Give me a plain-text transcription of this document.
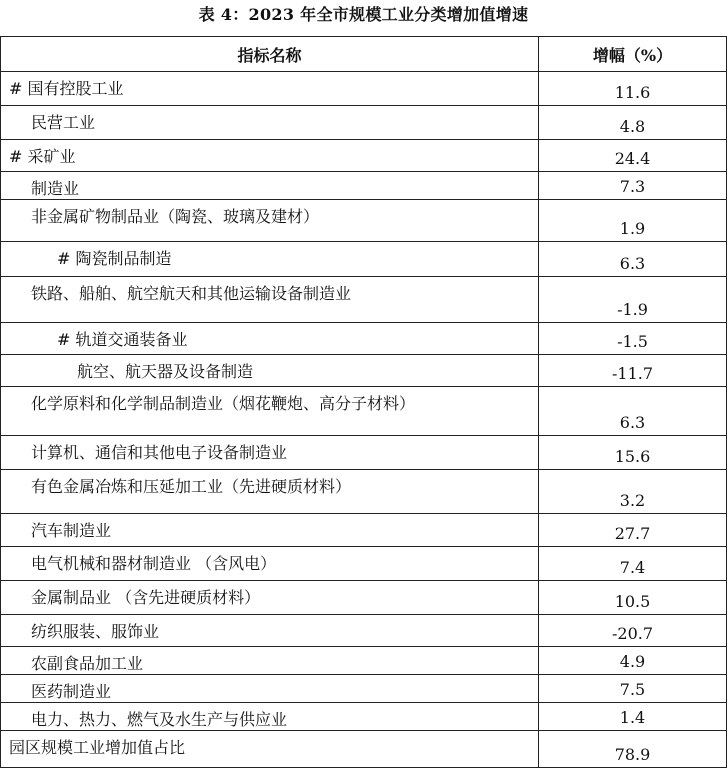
表 4：2023 年全市规模工业分类增加值增速
指标名称	增幅（%）
# 国有控股工业	11.6
民营工业	4.8
# 采矿业	24.4
制造业	7.3
非金属矿物制品业（陶瓷、玻璃及建材）	1.9
# 陶瓷制品制造	6.3
铁路、船舶、航空航天和其他运输设备制造业	-1.9
# 轨道交通装备业	-1.5
航空、航天器及设备制造	-11.7
化学原料和化学制品制造业（烟花鞭炮、高分子材料）	6.3
计算机、通信和其他电子设备制造业	15.6
有色金属冶炼和压延加工业（先进硬质材料）	3.2
汽车制造业	27.7
电气机械和器材制造业 （含风电）	7.4
金属制品业 （含先进硬质材料）	10.5
纺织服装、服饰业	-20.7
农副食品加工业	4.9
医药制造业	7.5
电力、热力、燃气及水生产与供应业	1.4
园区规模工业增加值占比	78.9
